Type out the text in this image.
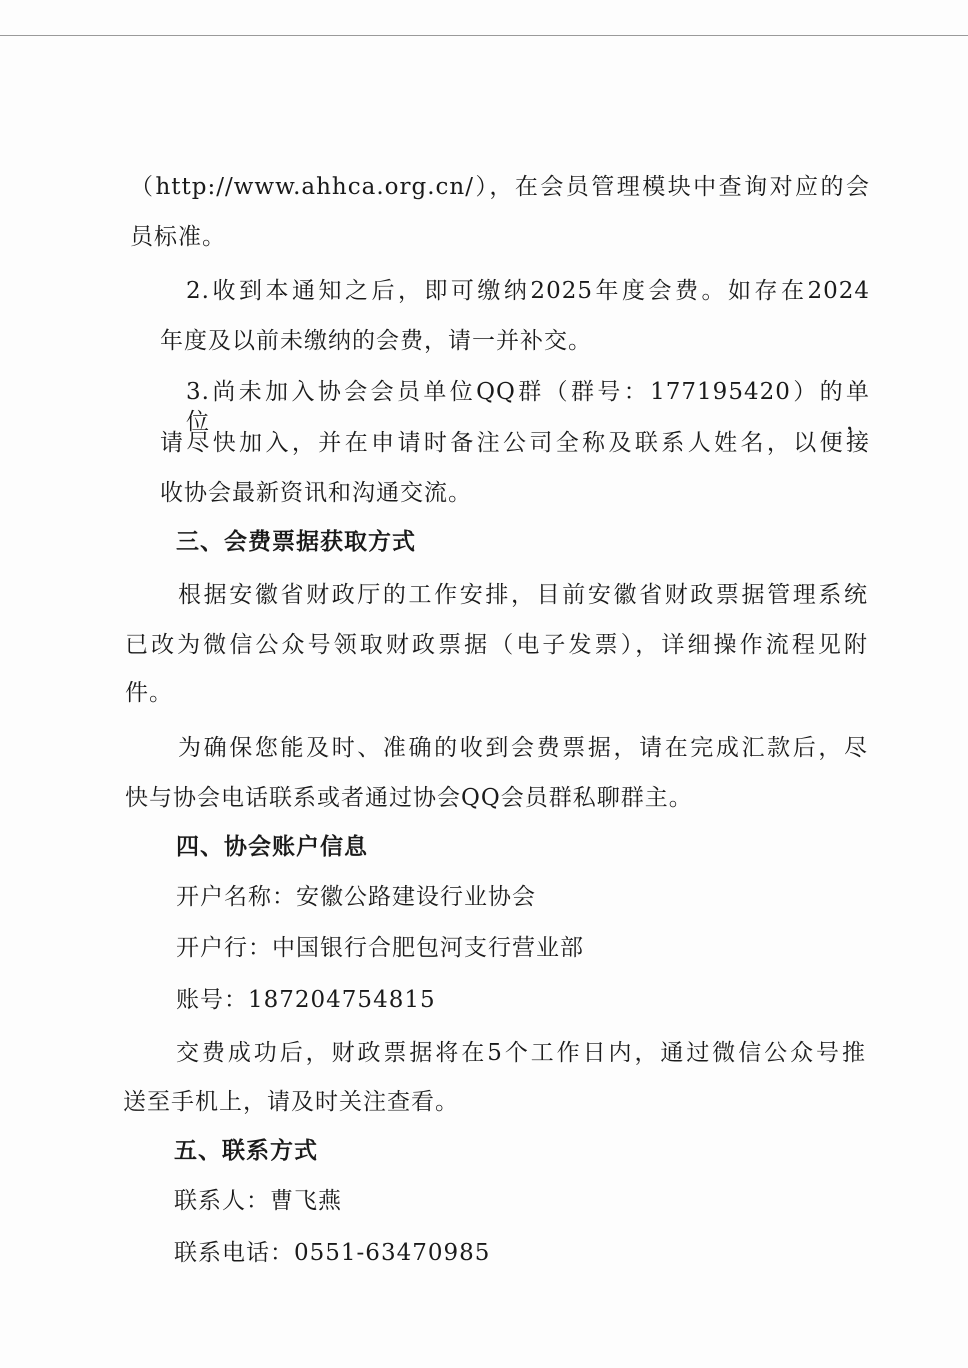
（http://www.ahhca.org.cn/），在会员管理模块中查询对应的会
员标准。
2.收到本通知之后，即可缴纳2025年度会费。如存在2024
年度及以前未缴纳的会费，请一并补交。
3.尚未加入协会会员单位QQ群（群号：177195420）的单位，
请尽快加入，并在申请时备注公司全称及联系人姓名，以便接
收协会最新资讯和沟通交流。
三、会费票据获取方式
根据安徽省财政厅的工作安排，目前安徽省财政票据管理系统
已改为微信公众号领取财政票据（电子发票），详细操作流程见附
件。
为确保您能及时、准确的收到会费票据，请在完成汇款后，尽
快与协会电话联系或者通过协会QQ会员群私聊群主。
四、协会账户信息
开户名称：安徽公路建设行业协会
开户行：中国银行合肥包河支行营业部
账号：187204754815
交费成功后，财政票据将在5个工作日内，通过微信公众号推
送至手机上，请及时关注查看。
五、联系方式
联系人：曹飞燕
联系电话：0551-63470985
